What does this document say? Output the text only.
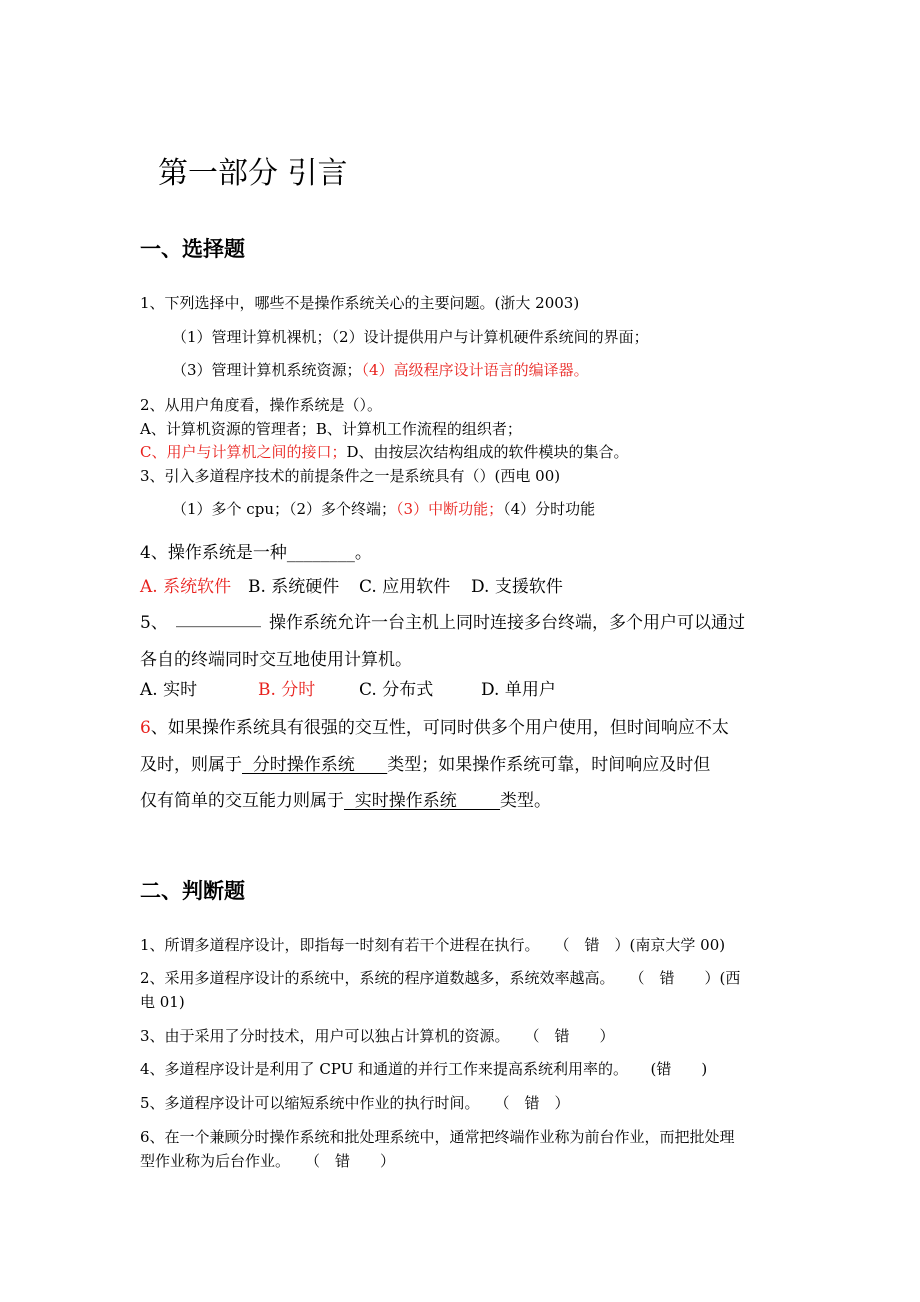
第一部分 引言
一、选择题
1、下列选择中，哪些不是操作系统关心的主要问题。(浙大 2003)
（1）管理计算机裸机；（2）设计提供用户与计算机硬件系统间的界面；
（3）管理计算机系统资源；（4）高级程序设计语言的编译器。
2、从用户角度看，操作系统是（）。
A、计算机资源的管理者；B、计算机工作流程的组织者；
C、用户与计算机之间的接口；D、由按层次结构组成的软件模块的集合。
3、引入多道程序技术的前提条件之一是系统具有（）(西电 00)
（1）多个 cpu；（2）多个终端；（3）中断功能；（4）分时功能
4、操作系统是一种________。
A. 系统软件 B. 系统硬件 C. 应用软件 D. 支援软件
5、 __________ 操作系统允许一台主机上同时连接多台终端，多个用户可以通过
各自的终端同时交互地使用计算机。
A. 实时	B. 分时	C. 分布式	D. 单用户
6、如果操作系统具有很强的交互性，可同时供多个用户使用，但时间响应不太
及时，则属于  分时操作系统      类型；如果操作系统可靠，时间响应及时但
仅有简单的交互能力则属于  实时操作系统        类型。
二、判断题
1、所谓多道程序设计，即指每一时刻有若干个进程在执行。　　（　错　）(南京大学 00)
2、采用多道程序设计的系统中，系统的程序道数越多，系统效率越高。　　（　错　　）(西
电 01)
3、由于采用了分时技术，用户可以独占计算机的资源。　　（　错　　）
4、多道程序设计是利用了 CPU 和通道的并行工作来提高系统利用率的。　　(错　　)
5、多道程序设计可以缩短系统中作业的执行时间。　　（　错　）
6、在一个兼顾分时操作系统和批处理系统中，通常把终端作业称为前台作业，而把批处理
型作业称为后台作业。　　（　错　　）
